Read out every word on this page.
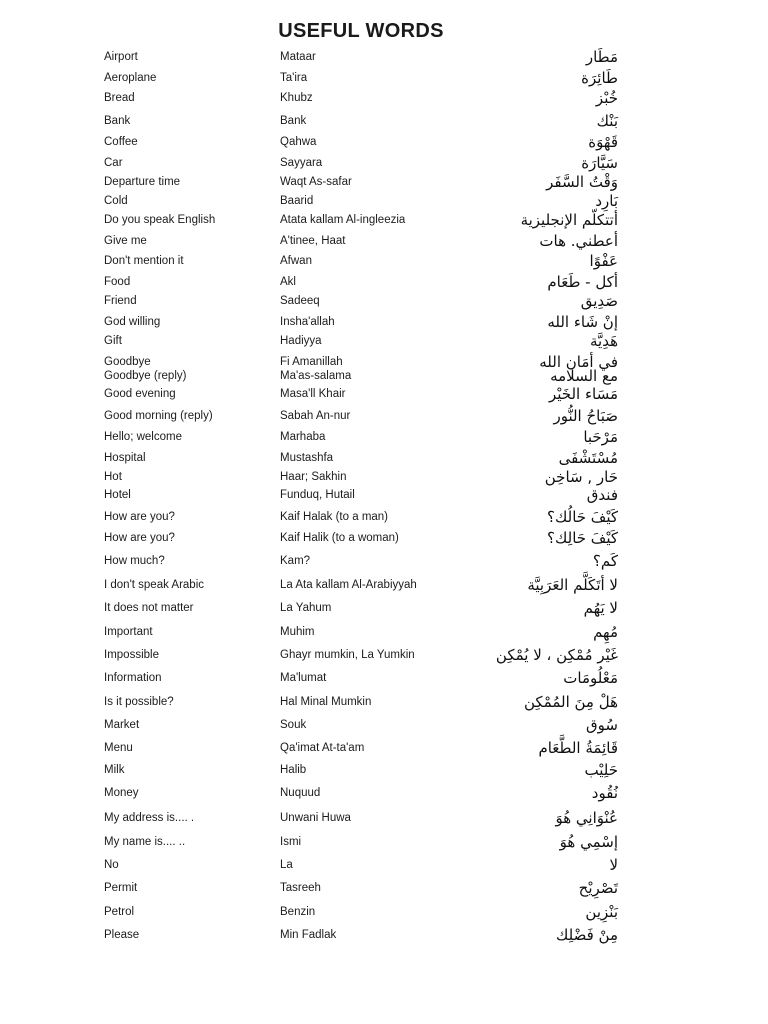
USEFUL WORDS
Airport	Mataar	مَطَار
Aeroplane	Ta'ira	طَائِرَة
Bread	Khubz	خُبْز
Bank	Bank	بَنْك
Coffee	Qahwa	قَهْوَة
Car	Sayyara	سَيَّارَة
Departure time	Waqt As-safar	وَقْتُ السَّفَر
Cold	Baarid	بَارِد
Do you speak English	Atata kallam Al-ingleezia	أتتكلّم الإنجليزية
Give me	A'tinee, Haat	أعطني. هات
Don't mention it	Afwan	عَفْوًا
Food	Akl	أكل - طَعَام
Friend	Sadeeq	صَدِيق
God willing	Insha'allah	إنْ شَاء الله
Gift	Hadiyya	هَدِيَّة
Goodbye	Fi Amanillah	في أمَان الله
Goodbye (reply)	Ma'as-salama	مع السلامه
Good evening	Masa'll Khair	مَسَاء الخَيْر
Good morning (reply)	Sabah An-nur	صَبَاحُ النُّور
Hello; welcome	Marhaba	مَرْحَبا
Hospital	Mustashfa	مُسْتَشْفَى
Hot	Haar; Sakhin	حَار , سَاخِن
Hotel	Funduq, Hutail	فندق
How are you?	Kaif Halak (to a man)	كَيْفَ حَالُك؟
How are you?	Kaif Halik (to a woman)	كَيْفَ حَالِك؟
How much?	Kam?	كَم؟
I don't speak Arabic	La Ata kallam Al-Arabiyyah	لا أتَكَلَّم العَرَبِيَّة
It does not matter	La Yahum	لا يَهُم
Important	Muhim	مُهِم
Impossible	Ghayr mumkin, La Yumkin	غَيْر مُمْكِن ، لا يُمْكِن
Information	Ma'lumat	مَعْلُومَات
Is it possible?	Hal Minal Mumkin	هَلْ مِنَ المُمْكِن
Market	Souk	سُوق
Menu	Qa'imat At-ta'am	قَائِمَةُ الطَّعَام
Milk	Halib	حَلِيْب
Money	Nuquud	نُقُود
My address is.... .	Unwani Huwa	عُنْوَانِي هُوَ
My name is.... ..	Ismi	إسْمِي هُوَ
No	La	لا
Permit	Tasreeh	تَصْرِيْح
Petrol	Benzin	بَنْزِين
Please	Min Fadlak	مِنْ فَضْلِك
